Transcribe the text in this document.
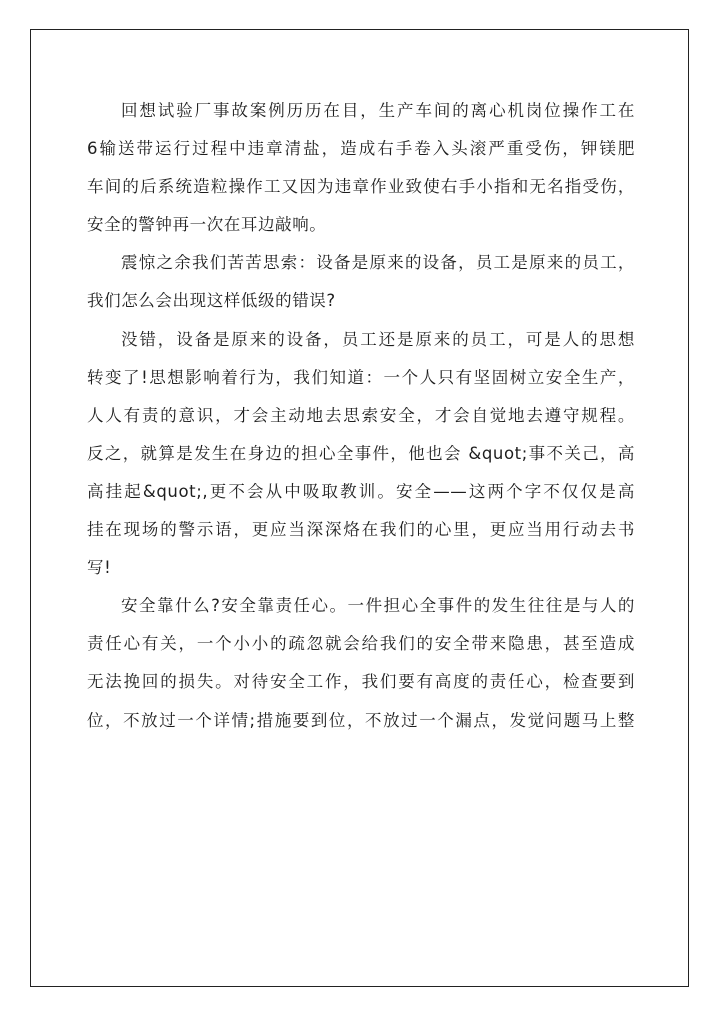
回想试验厂事故案例历历在目，生产车间的离心机岗位操作工在
6输送带运行过程中违章清盐，造成右手卷入头滚严重受伤，钾镁肥
车间的后系统造粒操作工又因为违章作业致使右手小指和无名指受伤，
安全的警钟再一次在耳边敲响。
震惊之余我们苦苦思索：设备是原来的设备，员工是原来的员工，
我们怎么会出现这样低级的错误?
没错，设备是原来的设备，员工还是原来的员工，可是人的思想
转变了!思想影响着行为，我们知道：一个人只有坚固树立安全生产，
人人有责的意识，才会主动地去思索安全，才会自觉地去遵守规程。
反之，就算是发生在身边的担心全事件，他也会 &quot;事不关己，高
高挂起&quot;,更不会从中吸取教训。安全——这两个字不仅仅是高
挂在现场的警示语，更应当深深烙在我们的心里，更应当用行动去书
写!
安全靠什么?安全靠责任心。一件担心全事件的发生往往是与人的
责任心有关，一个小小的疏忽就会给我们的安全带来隐患，甚至造成
无法挽回的损失。对待安全工作，我们要有高度的责任心，检查要到
位，不放过一个详情;措施要到位，不放过一个漏点，发觉问题马上整
